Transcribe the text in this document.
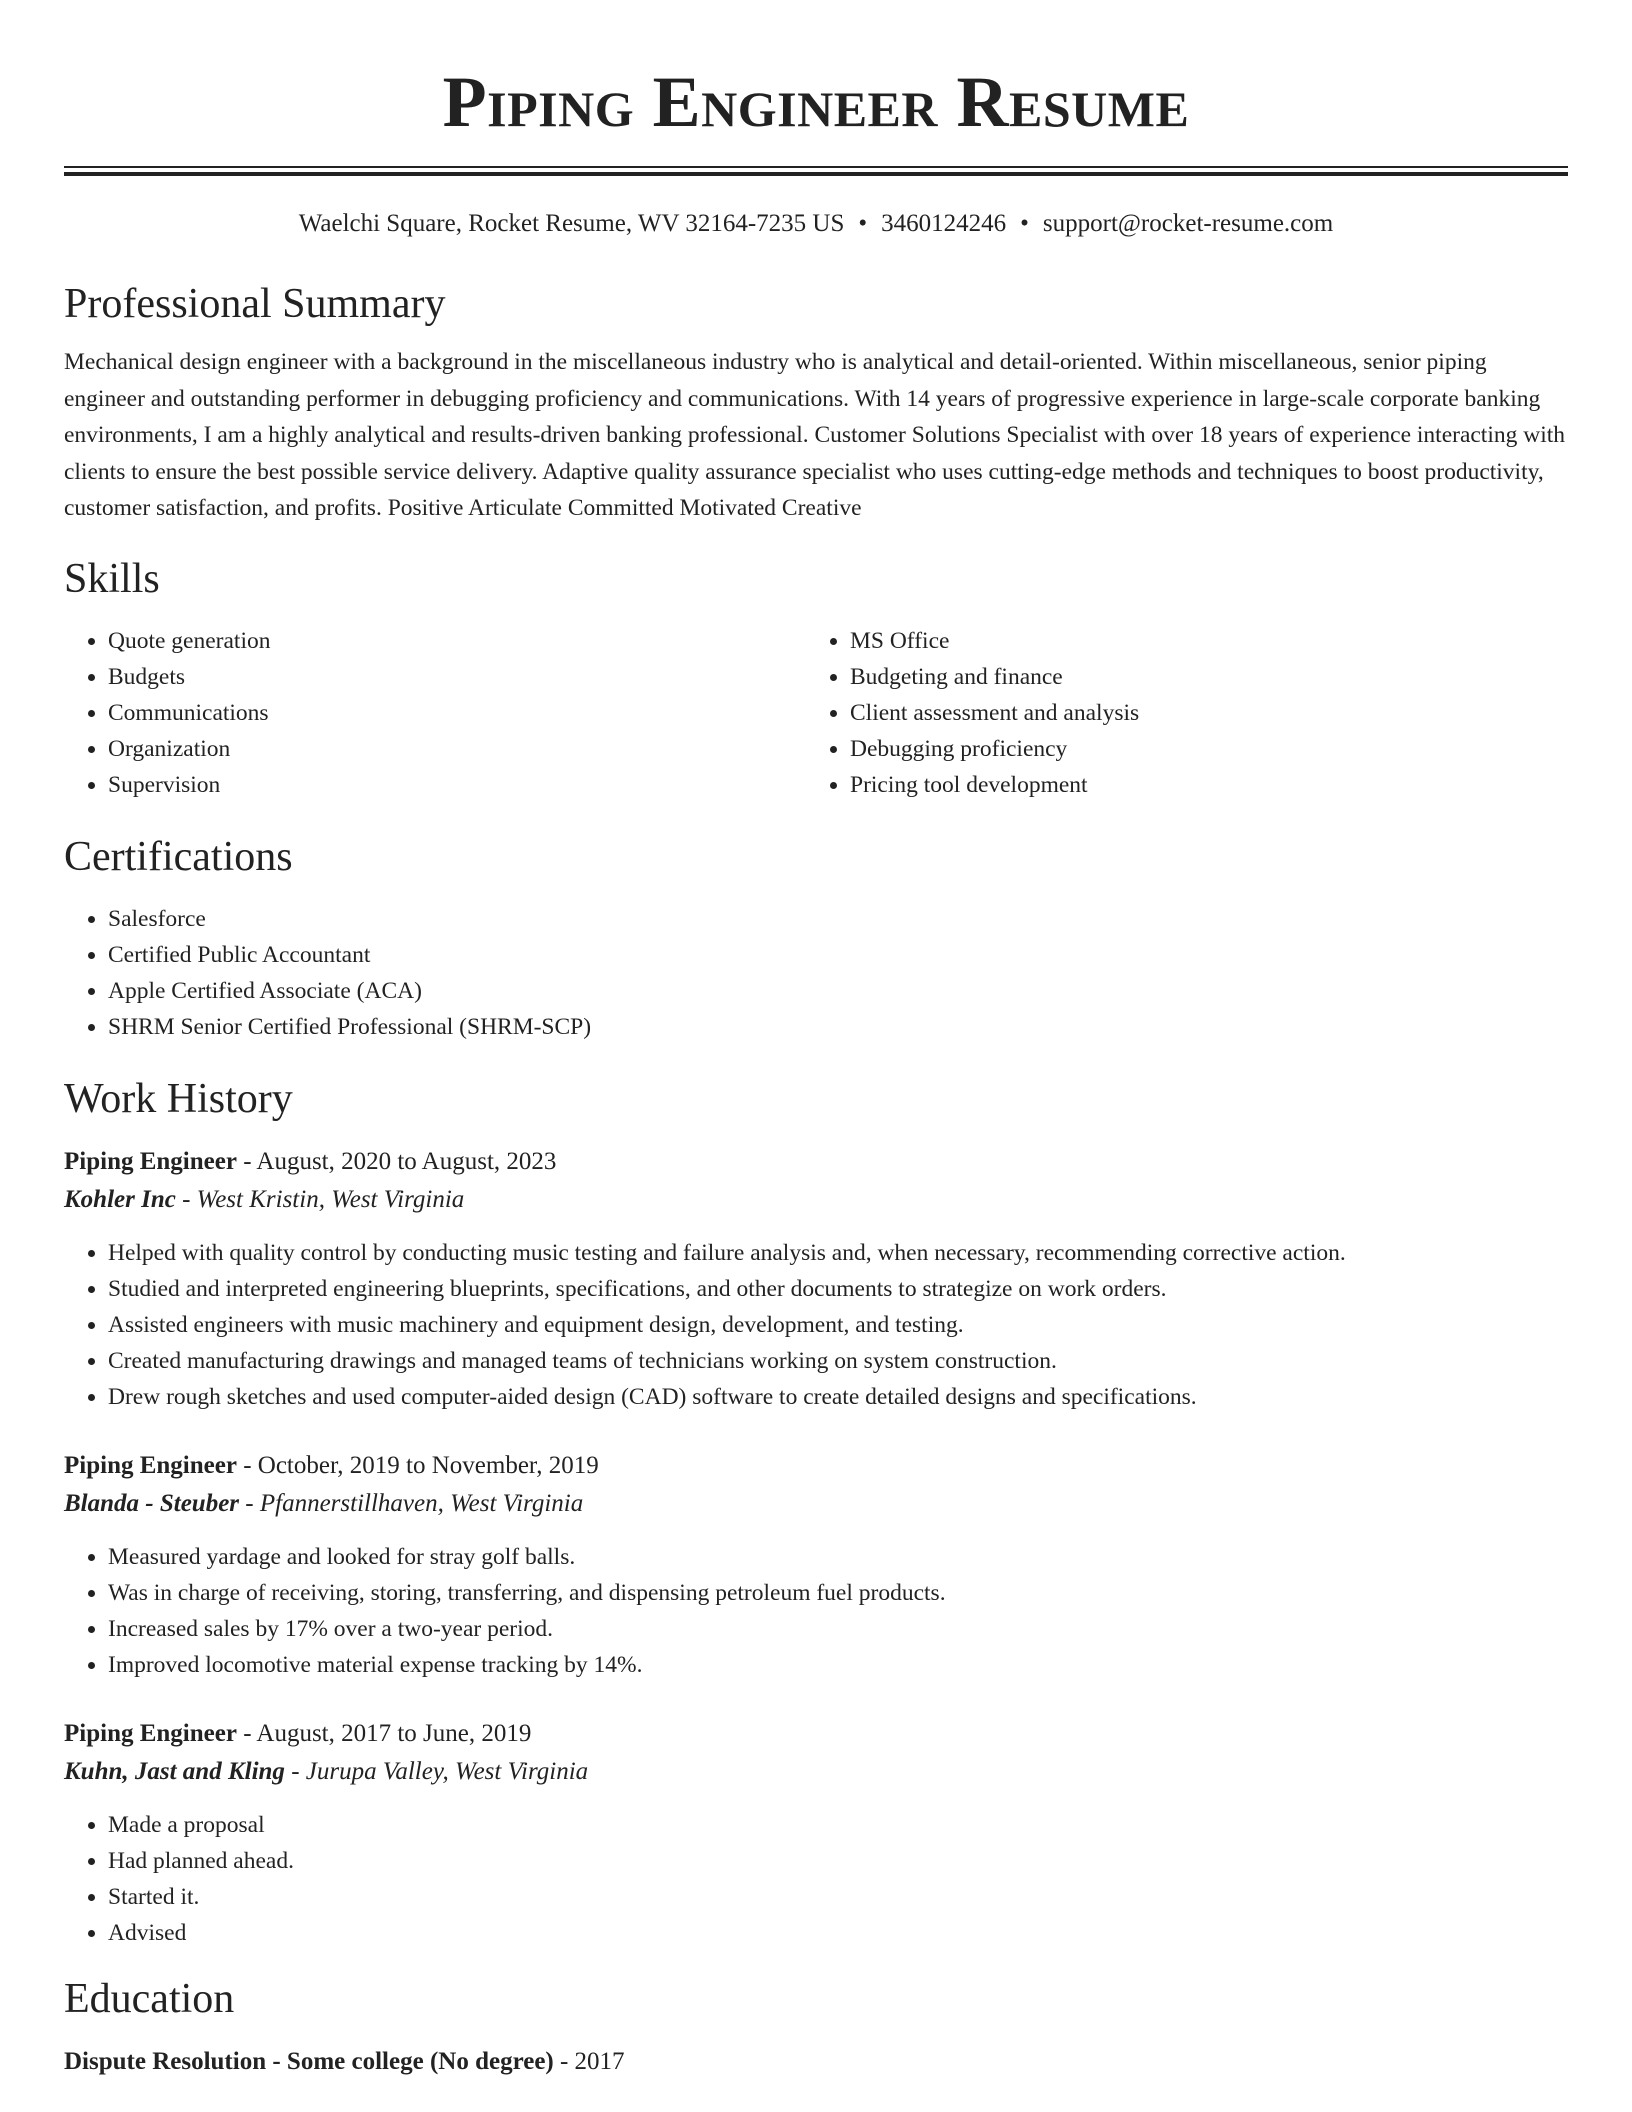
Piping Engineer Resume
Waelchi Square, Rocket Resume, WV 32164-7235 US • 3460124246 • support@rocket-resume.com
Professional Summary

Mechanical design engineer with a background in the miscellaneous industry who is analytical and detail-oriented. Within miscellaneous, senior piping engineer and outstanding performer in debugging proficiency and communications. With 14 years of progressive experience in large-scale corporate banking environments, I am a highly analytical and results-driven banking professional. Customer Solutions Specialist with over 18 years of experience interacting with clients to ensure the best possible service delivery. Adaptive quality assurance specialist who uses cutting-edge methods and techniques to boost productivity, customer satisfaction, and profits. Positive Articulate Committed Motivated Creative

Skills
• Quote generation
• Budgets
• Communications
• Organization
• Supervision
• MS Office
• Budgeting and finance
• Client assessment and analysis
• Debugging proficiency
• Pricing tool development
Certifications
• Salesforce
• Certified Public Accountant
• Apple Certified Associate (ACA)
• SHRM Senior Certified Professional (SHRM-SCP)
Work History
Piping Engineer - August, 2020 to August, 2023
Kohler Inc - West Kristin, West Virginia
• Helped with quality control by conducting music testing and failure analysis and, when necessary, recommending corrective action.
• Studied and interpreted engineering blueprints, specifications, and other documents to strategize on work orders.
• Assisted engineers with music machinery and equipment design, development, and testing.
• Created manufacturing drawings and managed teams of technicians working on system construction.
• Drew rough sketches and used computer-aided design (CAD) software to create detailed designs and specifications.
Piping Engineer - October, 2019 to November, 2019
Blanda - Steuber - Pfannerstillhaven, West Virginia
• Measured yardage and looked for stray golf balls.
• Was in charge of receiving, storing, transferring, and dispensing petroleum fuel products.
• Increased sales by 17% over a two-year period.
• Improved locomotive material expense tracking by 14%.
Piping Engineer - August, 2017 to June, 2019
Kuhn, Jast and Kling - Jurupa Valley, West Virginia
• Made a proposal
• Had planned ahead.
• Started it.
• Advised
Education
Dispute Resolution - Some college (No degree) - 2017
